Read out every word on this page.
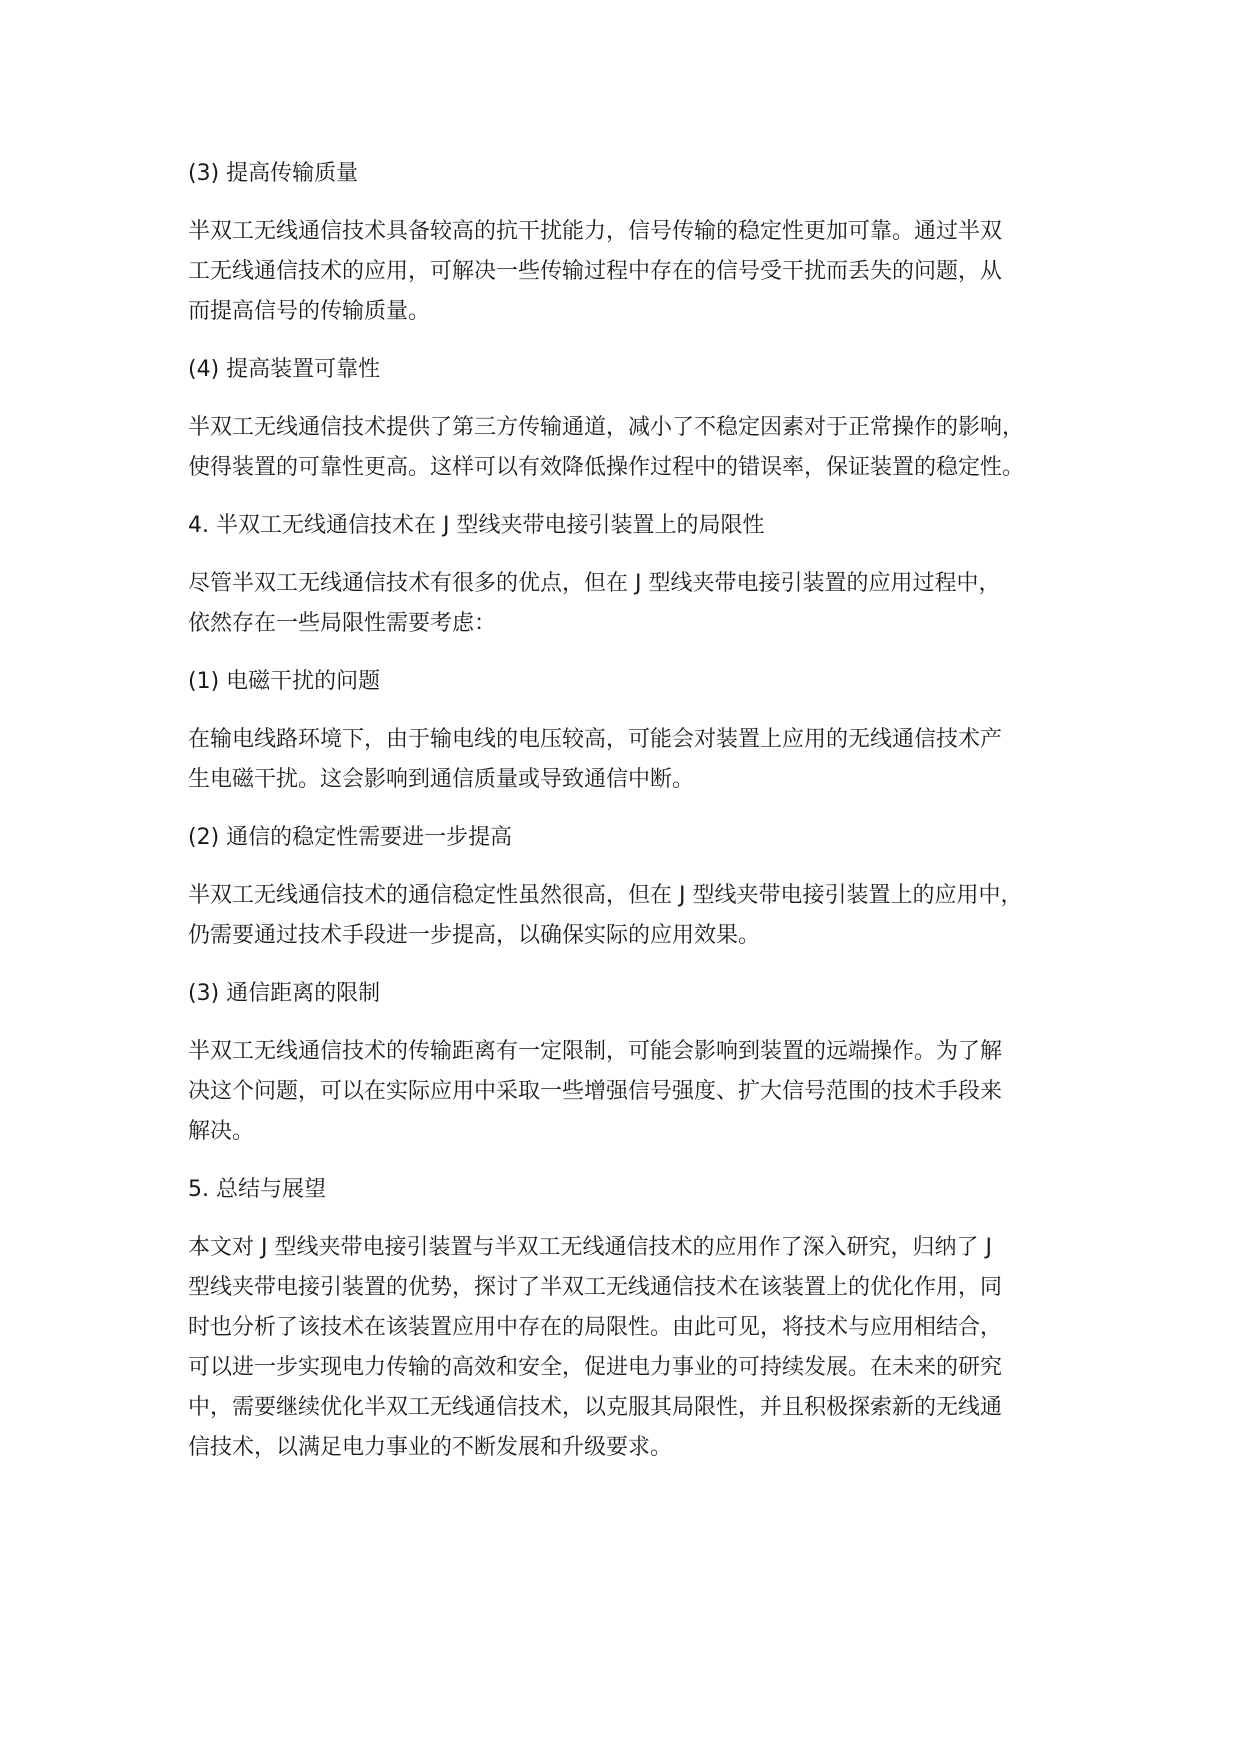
(3) 提高传输质量
半双工无线通信技术具备较高的抗干扰能力，信号传输的稳定性更加可靠。通过半双
工无线通信技术的应用，可解决一些传输过程中存在的信号受干扰而丢失的问题，从
而提高信号的传输质量。
(4) 提高装置可靠性
半双工无线通信技术提供了第三方传输通道，减小了不稳定因素对于正常操作的影响，
使得装置的可靠性更高。这样可以有效降低操作过程中的错误率，保证装置的稳定性。
4. 半双工无线通信技术在 J 型线夹带电接引装置上的局限性
尽管半双工无线通信技术有很多的优点，但在 J 型线夹带电接引装置的应用过程中，
依然存在一些局限性需要考虑：
(1) 电磁干扰的问题
在输电线路环境下，由于输电线的电压较高，可能会对装置上应用的无线通信技术产
生电磁干扰。这会影响到通信质量或导致通信中断。
(2) 通信的稳定性需要进一步提高
半双工无线通信技术的通信稳定性虽然很高，但在 J 型线夹带电接引装置上的应用中，
仍需要通过技术手段进一步提高，以确保实际的应用效果。
(3) 通信距离的限制
半双工无线通信技术的传输距离有一定限制，可能会影响到装置的远端操作。为了解
决这个问题，可以在实际应用中采取一些增强信号强度、扩大信号范围的技术手段来
解决。
5. 总结与展望
本文对 J 型线夹带电接引装置与半双工无线通信技术的应用作了深入研究，归纳了 J
型线夹带电接引装置的优势，探讨了半双工无线通信技术在该装置上的优化作用，同
时也分析了该技术在该装置应用中存在的局限性。由此可见，将技术与应用相结合，
可以进一步实现电力传输的高效和安全，促进电力事业的可持续发展。在未来的研究
中，需要继续优化半双工无线通信技术，以克服其局限性，并且积极探索新的无线通
信技术，以满足电力事业的不断发展和升级要求。
